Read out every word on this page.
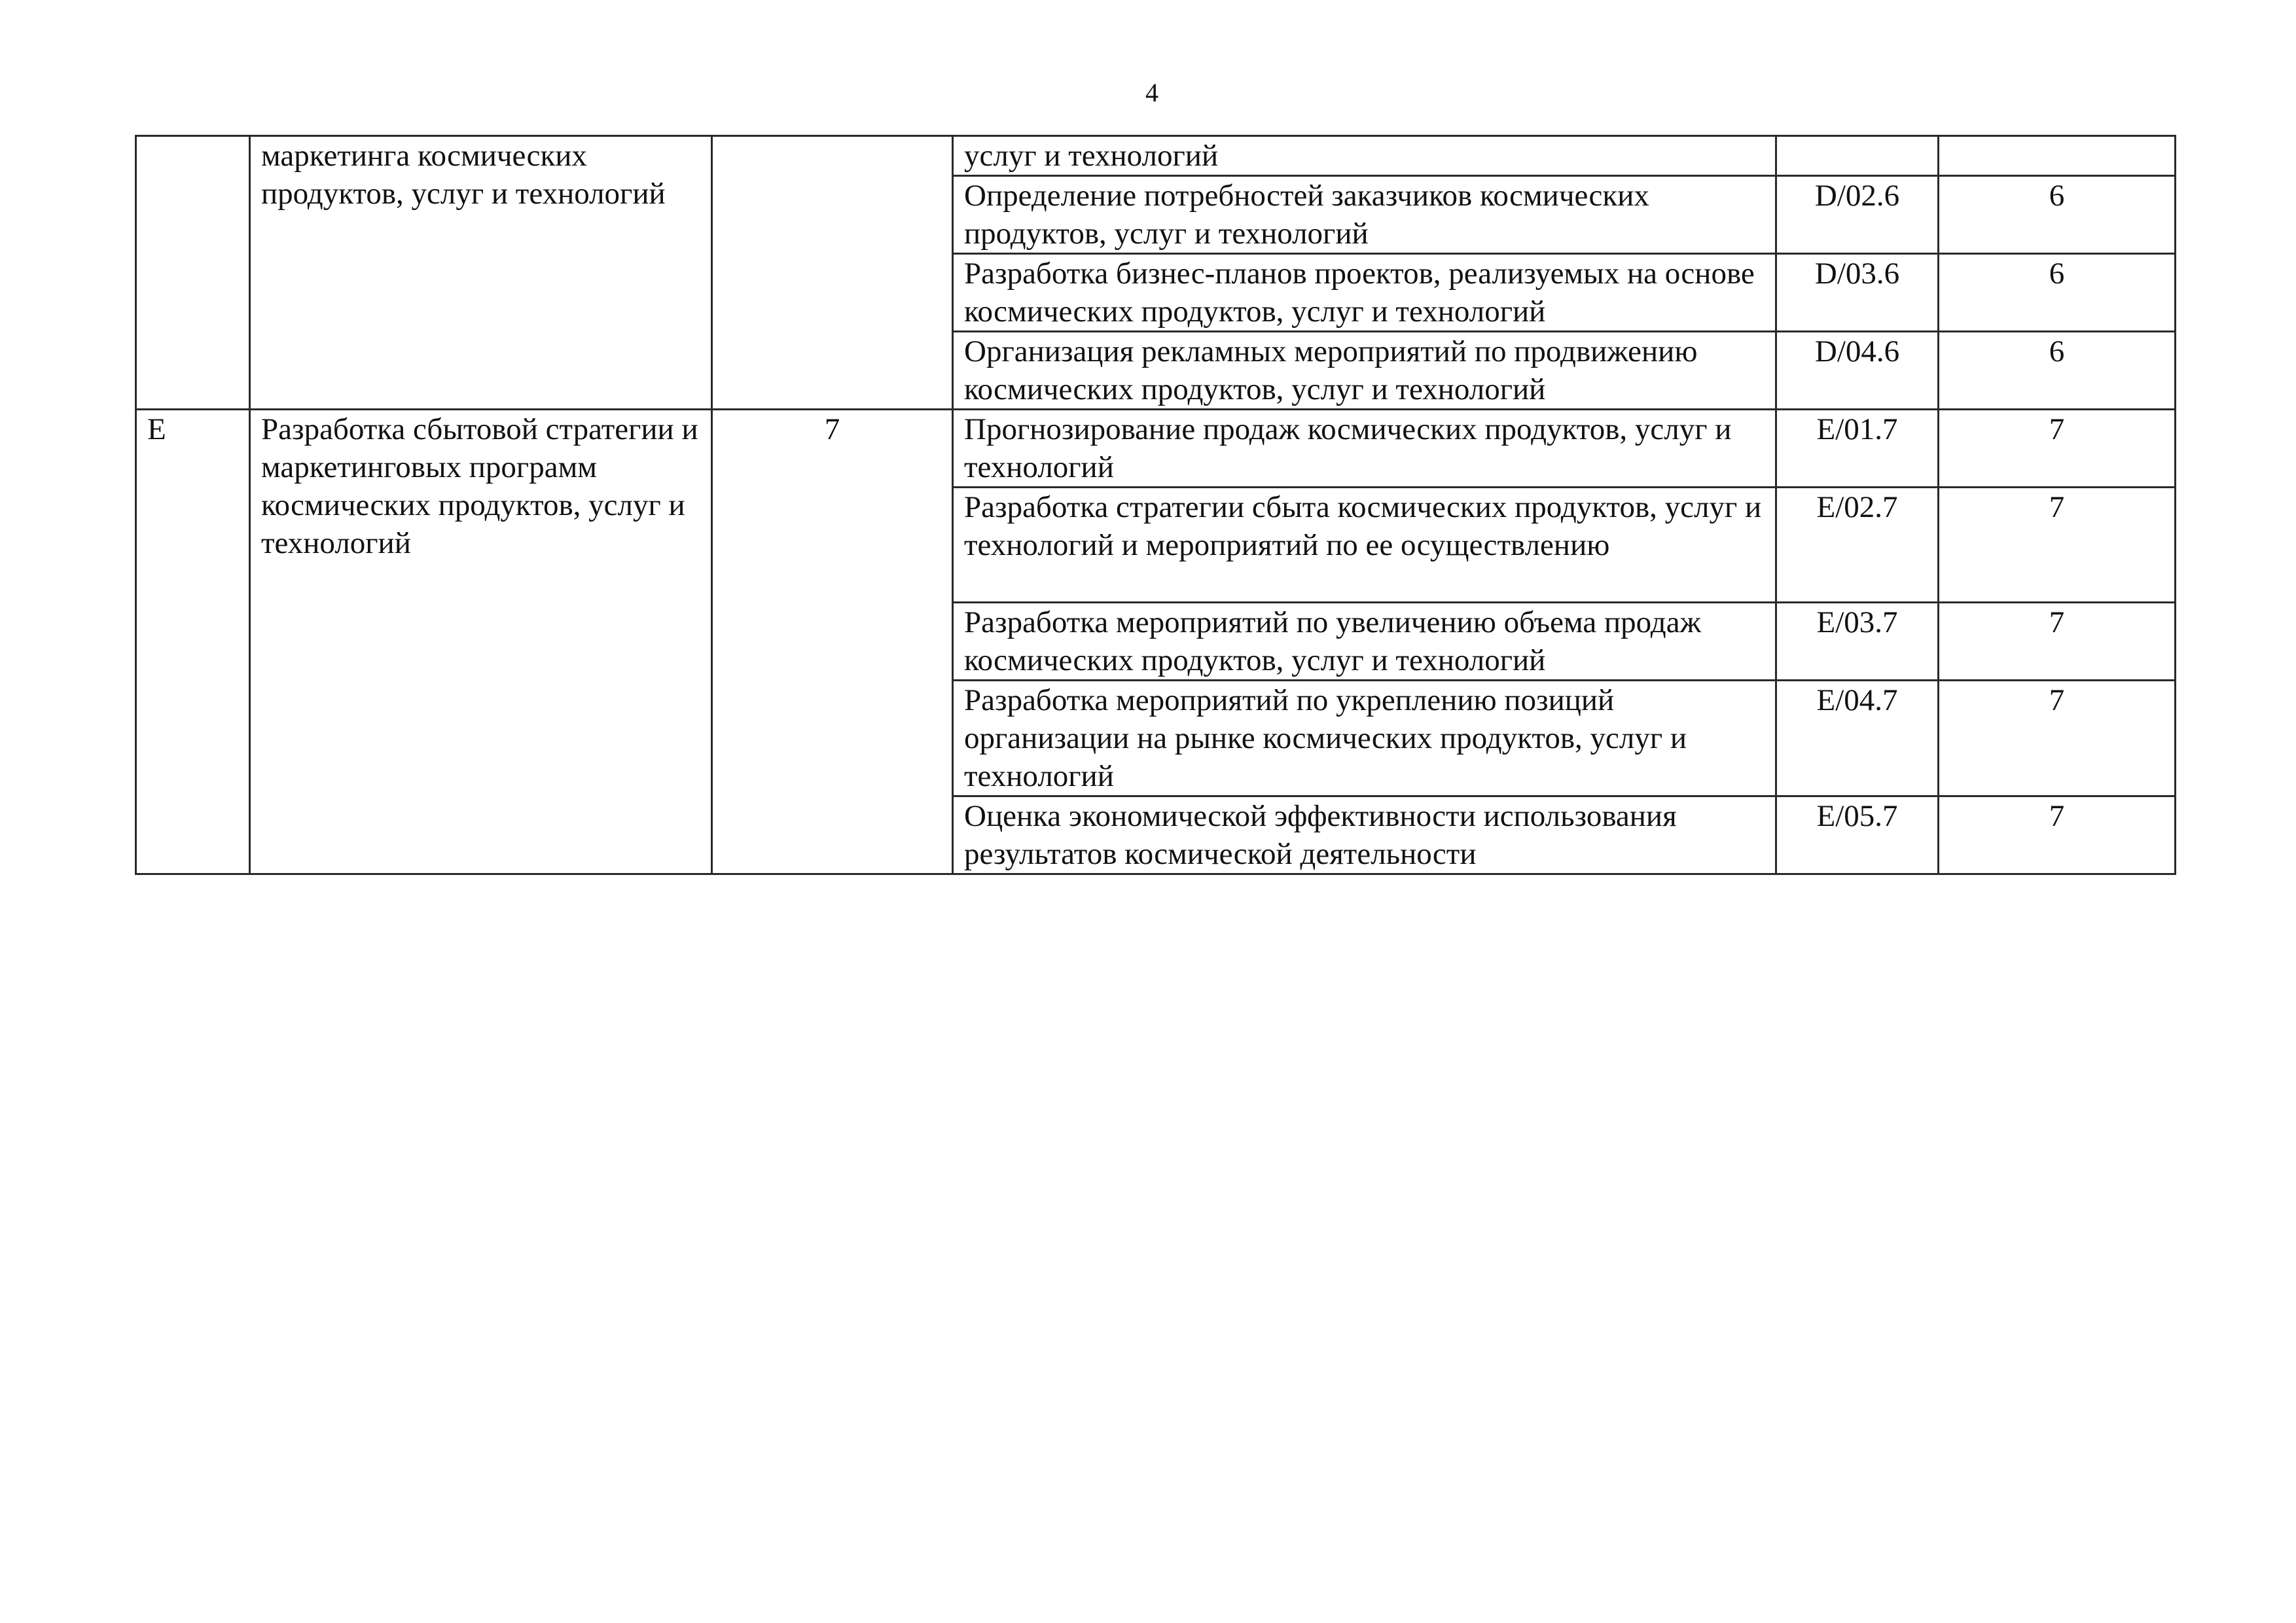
4
	маркетинга космических продуктов, услуг и технологий		услуг и технологий		
			Определение потребностей заказчиков космических продуктов, услуг и технологий	D/02.6	6
			Разработка бизнес-планов проектов, реализуемых на основе космических продуктов, услуг и технологий	D/03.6	6
			Организация рекламных мероприятий по продвижению космических продуктов, услуг и технологий	D/04.6	6
E	Разработка сбытовой стратегии и маркетинговых программ космических продуктов, услуг и технологий	7	Прогнозирование продаж космических продуктов, услуг и технологий	E/01.7	7
			Разработка стратегии сбыта космических продуктов, услуг и технологий и мероприятий по ее осуществлению	E/02.7	7
			Разработка мероприятий по увеличению объема продаж космических продуктов, услуг и технологий	E/03.7	7
			Разработка мероприятий по укреплению позиций организации на рынке космических продуктов, услуг и технологий	E/04.7	7
			Оценка экономической эффективности использования результатов космической деятельности	E/05.7	7
